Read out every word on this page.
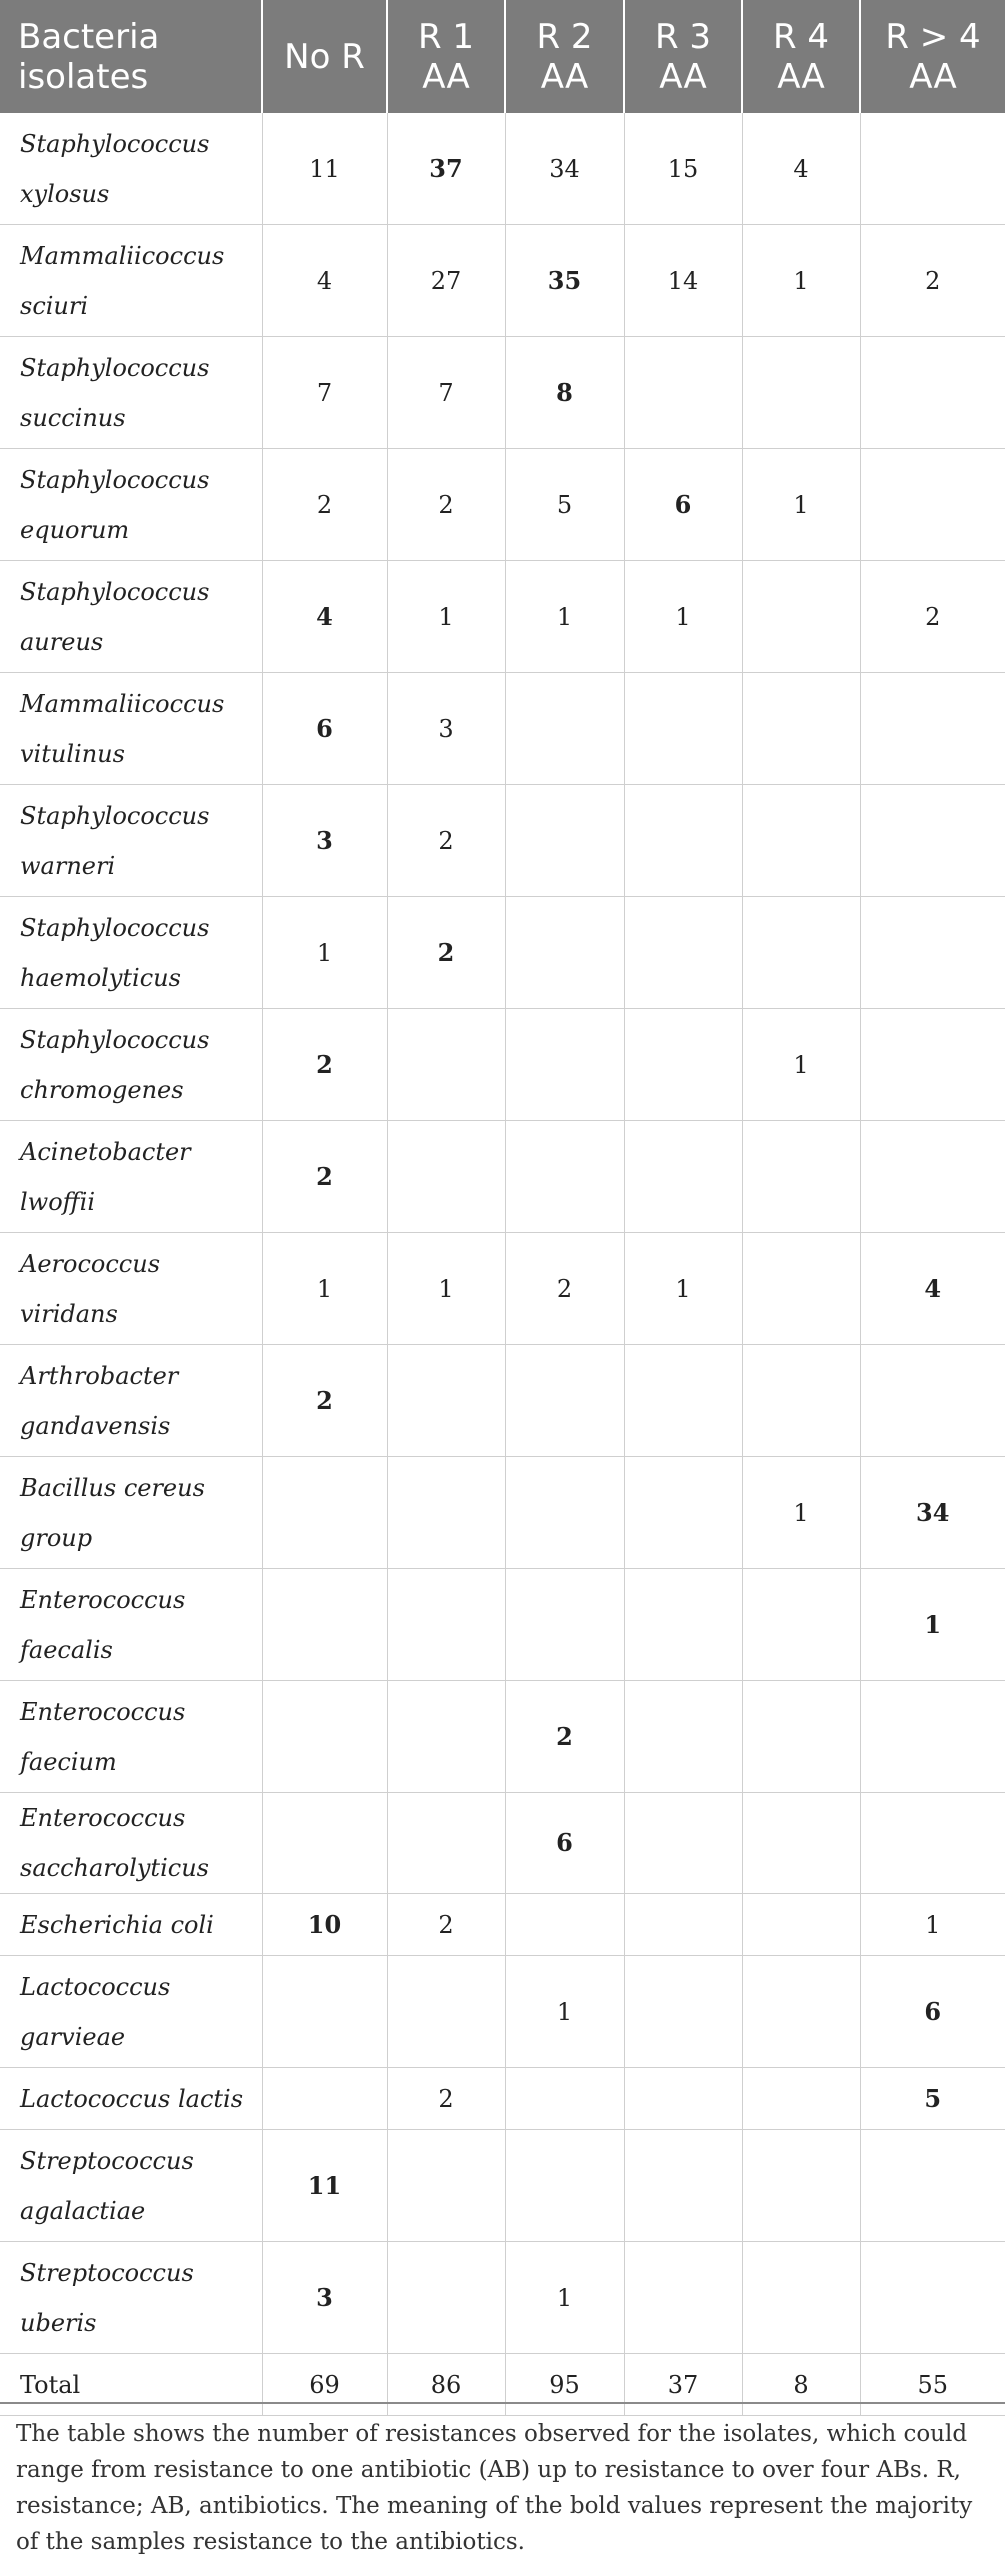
Bacteria isolates	No R	R 1 AA	R 2 AA	R 3 AA	R 4 AA	R > 4 AA
Staphylococcus xylosus	11	37	34	15	4	
Mammaliicoccus sciuri	4	27	35	14	1	2
Staphylococcus succinus	7	7	8			
Staphylococcus equorum	2	2	5	6	1	
Staphylococcus aureus	4	1	1	1		2
Mammaliicoccus vitulinus	6	3				
Staphylococcus warneri	3	2				
Staphylococcus haemolyticus	1	2				
Staphylococcus chromogenes	2				1	
Acinetobacter lwoffii	2					
Aerococcus viridans	1	1	2	1		4
Arthrobacter gandavensis	2					
Bacillus cereus group					1	34
Enterococcus faecalis						1
Enterococcus faecium			2			
Enterococcus saccharolyticus			6			
Escherichia coli	10	2				1
Lactococcus garvieae			1			6
Lactococcus lactis		2				5
Streptococcus agalactiae	11					
Streptococcus uberis	3		1			
Total	69	86	95	37	8	55
The table shows the number of resistances observed for the isolates, which could range from resistance to one antibiotic (AB) up to resistance to over four ABs. R, resistance; AB, antibiotics. The meaning of the bold values represent the majority of the samples resistance to the antibiotics.
